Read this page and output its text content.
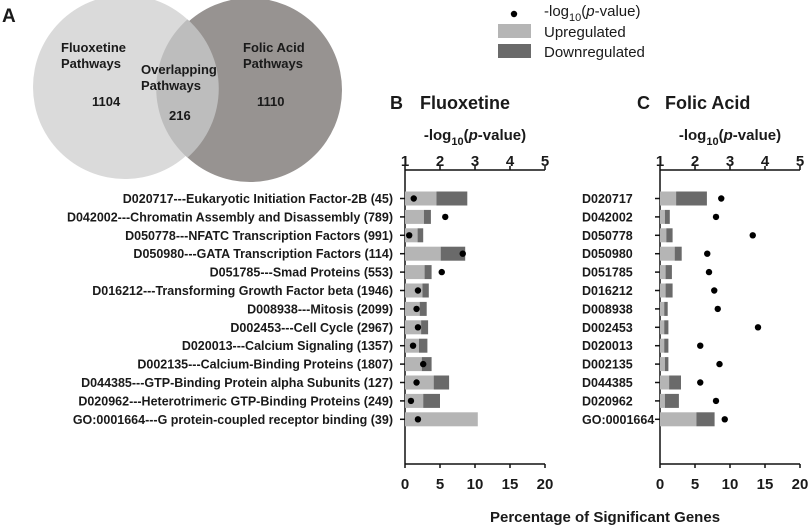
A
Fluoxetine
Pathways
1104
Overlapping
Pathways
216
Folic Acid
Pathways
1110
$-\log_{10}(p-value)$
Upregulated
Downregulated
B Fluoxetine	C Folic Acid
$-\log_{10}(p-value)$
1 2 3 4 5
0 5 10 15 20
D020717---Eukaryotic Initiation Factor-2B (45)
D042002---Chromatin Assembly and Disassembly (789)
D050778---NFATC Transcription Factors (991)
D050980---GATA Transcription Factors (114)
D051785---Smad Proteins (553)
D016212---Transforming Growth Factor beta (1946)
D008938---Mitosis (2099)
D002453---Cell Cycle (2967)
D020013---Calcium Signaling (1357)
D002135---Calcium-Binding Proteins (1807)
D044385---GTP-Binding Protein alpha Subunits (127)
D020962---Heterotrimeric GTP-Binding Proteins (249)
GO:0001664---G protein-coupled receptor binding (39)
$-\log_{10}(p-value)$
1 2 3 4 5
0 5 10 15 20
D020717
D042002
D050778
D050980
D051785
D016212
D008938
D002453
D020013
D002135
D044385
D020962
GO:0001664
Percentage of Significant Genes
